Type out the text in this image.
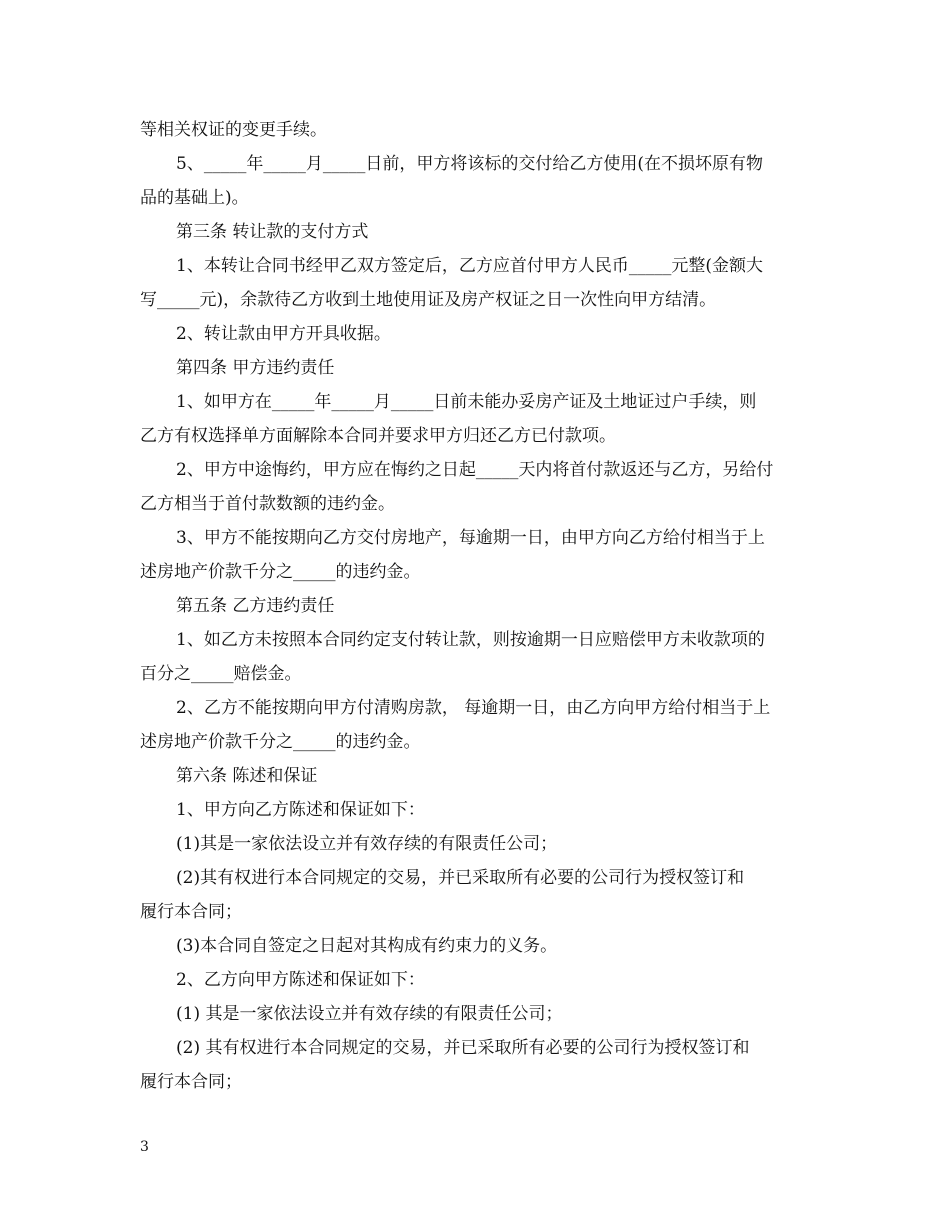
等相关权证的变更手续。
5、_____年_____月_____日前，甲方将该标的交付给乙方使用(在不损坏原有物
品的基础上)。
第三条 转让款的支付方式
1、本转让合同书经甲乙双方签定后，乙方应首付甲方人民币_____元整(金额大
写_____元)，余款待乙方收到土地使用证及房产权证之日一次性向甲方结清。
2、转让款由甲方开具收据。
第四条 甲方违约责任
1、如甲方在_____年_____月_____日前未能办妥房产证及土地证过户手续，则
乙方有权选择单方面解除本合同并要求甲方归还乙方已付款项。
2、甲方中途悔约，甲方应在悔约之日起_____天内将首付款返还与乙方，另给付
乙方相当于首付款数额的违约金。
3、甲方不能按期向乙方交付房地产，每逾期一日，由甲方向乙方给付相当于上
述房地产价款千分之_____的违约金。
第五条 乙方违约责任
1、如乙方未按照本合同约定支付转让款，则按逾期一日应赔偿甲方未收款项的
百分之_____赔偿金。
2、乙方不能按期向甲方付清购房款， 每逾期一日，由乙方向甲方给付相当于上
述房地产价款千分之_____的违约金。
第六条 陈述和保证
1、甲方向乙方陈述和保证如下：
(1)其是一家依法设立并有效存续的有限责任公司；
(2)其有权进行本合同规定的交易，并已采取所有必要的公司行为授权签订和
履行本合同；
(3)本合同自签定之日起对其构成有约束力的义务。
2、乙方向甲方陈述和保证如下：
(1) 其是一家依法设立并有效存续的有限责任公司；
(2) 其有权进行本合同规定的交易，并已采取所有必要的公司行为授权签订和
履行本合同；
3
